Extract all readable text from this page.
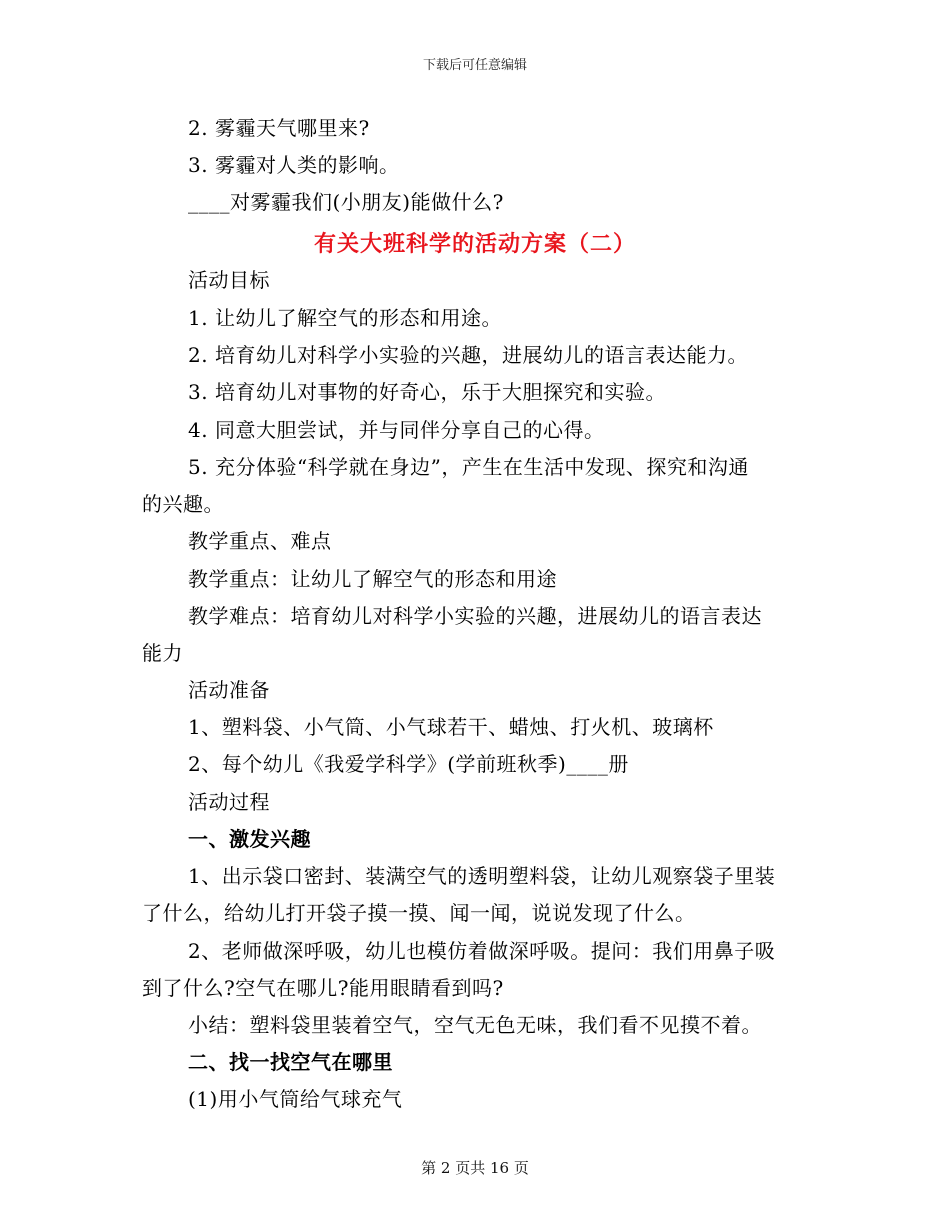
下载后可任意编辑
2. 雾霾天气哪里来?
3. 雾霾对人类的影响。
____对雾霾我们(小朋友)能做什么?
有关大班科学的活动方案（二）
活动目标
1. 让幼儿了解空气的形态和用途。
2. 培育幼儿对科学小实验的兴趣，进展幼儿的语言表达能力。
3. 培育幼儿对事物的好奇心，乐于大胆探究和实验。
4. 同意大胆尝试，并与同伴分享自己的心得。
5. 充分体验“科学就在身边”，产生在生活中发现、探究和沟通
的兴趣。
教学重点、难点
教学重点：让幼儿了解空气的形态和用途
教学难点：培育幼儿对科学小实验的兴趣，进展幼儿的语言表达
能力
活动准备
1、塑料袋、小气筒、小气球若干、蜡烛、打火机、玻璃杯
2、每个幼儿《我爱学科学》(学前班秋季)____册
活动过程
一、激发兴趣
1、出示袋口密封、装满空气的透明塑料袋，让幼儿观察袋子里装
了什么，给幼儿打开袋子摸一摸、闻一闻，说说发现了什么。
2、老师做深呼吸，幼儿也模仿着做深呼吸。提问：我们用鼻子吸
到了什么?空气在哪儿?能用眼睛看到吗?
小结：塑料袋里装着空气，空气无色无味，我们看不见摸不着。
二、找一找空气在哪里
(1)用小气筒给气球充气
第 2 页共 16 页
